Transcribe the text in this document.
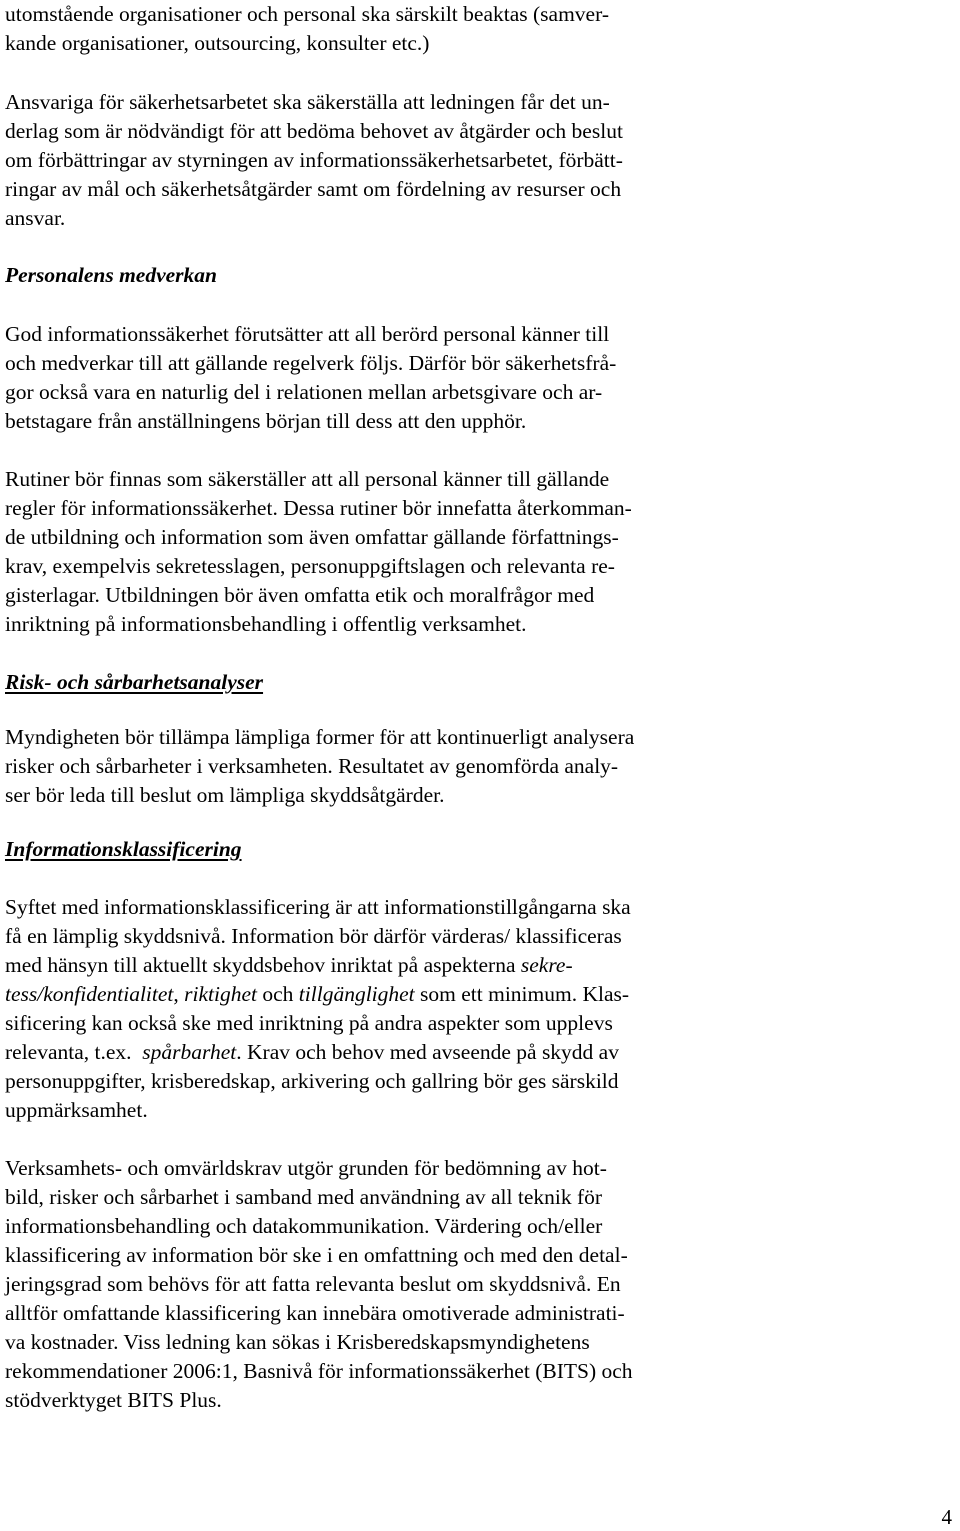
utomstående organisationer och personal ska särskilt beaktas (samver-
kande organisationer, outsourcing, konsulter etc.)
Ansvariga för säkerhetsarbetet ska säkerställa att ledningen får det un-
derlag som är nödvändigt för att bedöma behovet av åtgärder och beslut
om förbättringar av styrningen av informationssäkerhetsarbetet, förbätt-
ringar av mål och säkerhetsåtgärder samt om fördelning av resurser och
ansvar.
Personalens medverkan
God informationssäkerhet förutsätter att all berörd personal känner till
och medverkar till att gällande regelverk följs. Därför bör säkerhetsfrå-
gor också vara en naturlig del i relationen mellan arbetsgivare och ar-
betstagare från anställningens början till dess att den upphör.
Rutiner bör finnas som säkerställer att all personal känner till gällande
regler för informationssäkerhet. Dessa rutiner bör innefatta återkomman-
de utbildning och information som även omfattar gällande författnings-
krav, exempelvis sekretesslagen, personuppgiftslagen och relevanta re-
gisterlagar. Utbildningen bör även omfatta etik och moralfrågor med
inriktning på informationsbehandling i offentlig verksamhet.
Risk- och sårbarhetsanalyser
Myndigheten bör tillämpa lämpliga former för att kontinuerligt analysera
risker och sårbarheter i verksamheten. Resultatet av genomförda analy-
ser bör leda till beslut om lämpliga skyddsåtgärder.
Informationsklassificering
Syftet med informationsklassificering är att informationstillgångarna ska
få en lämplig skyddsnivå. Information bör därför värderas/ klassificeras
med hänsyn till aktuellt skyddsbehov inriktat på aspekterna sekre-
tess/konfidentialitet, riktighet och tillgänglighet som ett minimum. Klas-
sificering kan också ske med inriktning på andra aspekter som upplevs
relevanta, t.ex.  spårbarhet. Krav och behov med avseende på skydd av
personuppgifter, krisberedskap, arkivering och gallring bör ges särskild
uppmärksamhet.
Verksamhets- och omvärldskrav utgör grunden för bedömning av hot-
bild, risker och sårbarhet i samband med användning av all teknik för
informationsbehandling och datakommunikation. Värdering och/eller
klassificering av information bör ske i en omfattning och med den detal-
jeringsgrad som behövs för att fatta relevanta beslut om skyddsnivå. En
alltför omfattande klassificering kan innebära omotiverade administrati-
va kostnader. Viss ledning kan sökas i Krisberedskapsmyndighetens
rekommendationer 2006:1, Basnivå för informationssäkerhet (BITS) och
stödverktyget BITS Plus.
4
